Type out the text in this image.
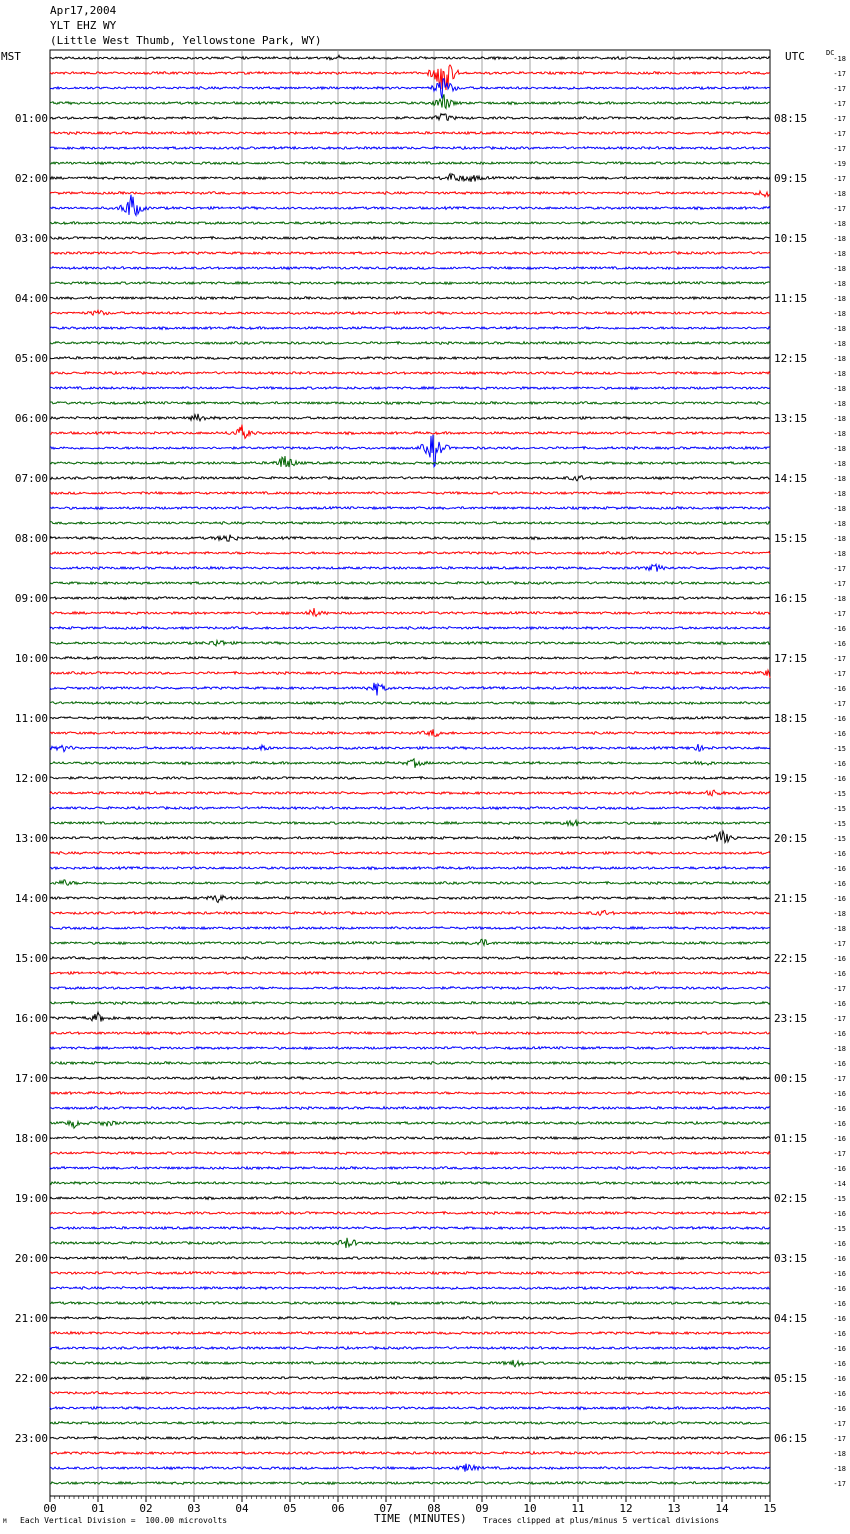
00	01	02	03	04	05	06	07	08	09	10	11	12	13	14	15
-18
-17
-17
-17
-17
-17
-17
-19
-17
-18
-17
-18
-18
-18
-18
-18
-18
-18
-18
-18
-18
-18
-18
-18
-18
-18
-18
-18
-18
-18
-18
-18
-18
-18
-17
-17
-18
-17
-16
-16
-17
-17
-16
-17
-16
-16
-15
-16
-16
-15
-15
-15
-15
-16
-16
-16
-16
-18
-18
-17
-16
-16
-17
-16
-17
-16
-18
-16
-17
-16
-16
-16
-16
-17
-16
-14
-15
-16
-15
-16
-16
-16
-16
-16
-16
-16
-16
-16
-16
-16
-16
-17
-17
-18
-18
-17
01:00	08:15
02:00	09:15
03:00	10:15
04:00	11:15
05:00	12:15
06:00	13:15
07:00	14:15
08:00	15:15
09:00	16:15
10:00	17:15
11:00	18:15
12:00	19:15
13:00	20:15
14:00	21:15
15:00	22:15
16:00	23:15
17:00	00:15
18:00	01:15
19:00	02:15
20:00	03:15
21:00	04:15
22:00	05:15
23:00	06:15
Apr17,2004
YLT EHZ WY
(Little West Thumb, Yellowstone Park, WY)
MST	UTC	DC
TIME (MINUTES)
Each Vertical Division =  100.00 microvolts	Traces clipped at plus/minus 5 vertical divisions
M
